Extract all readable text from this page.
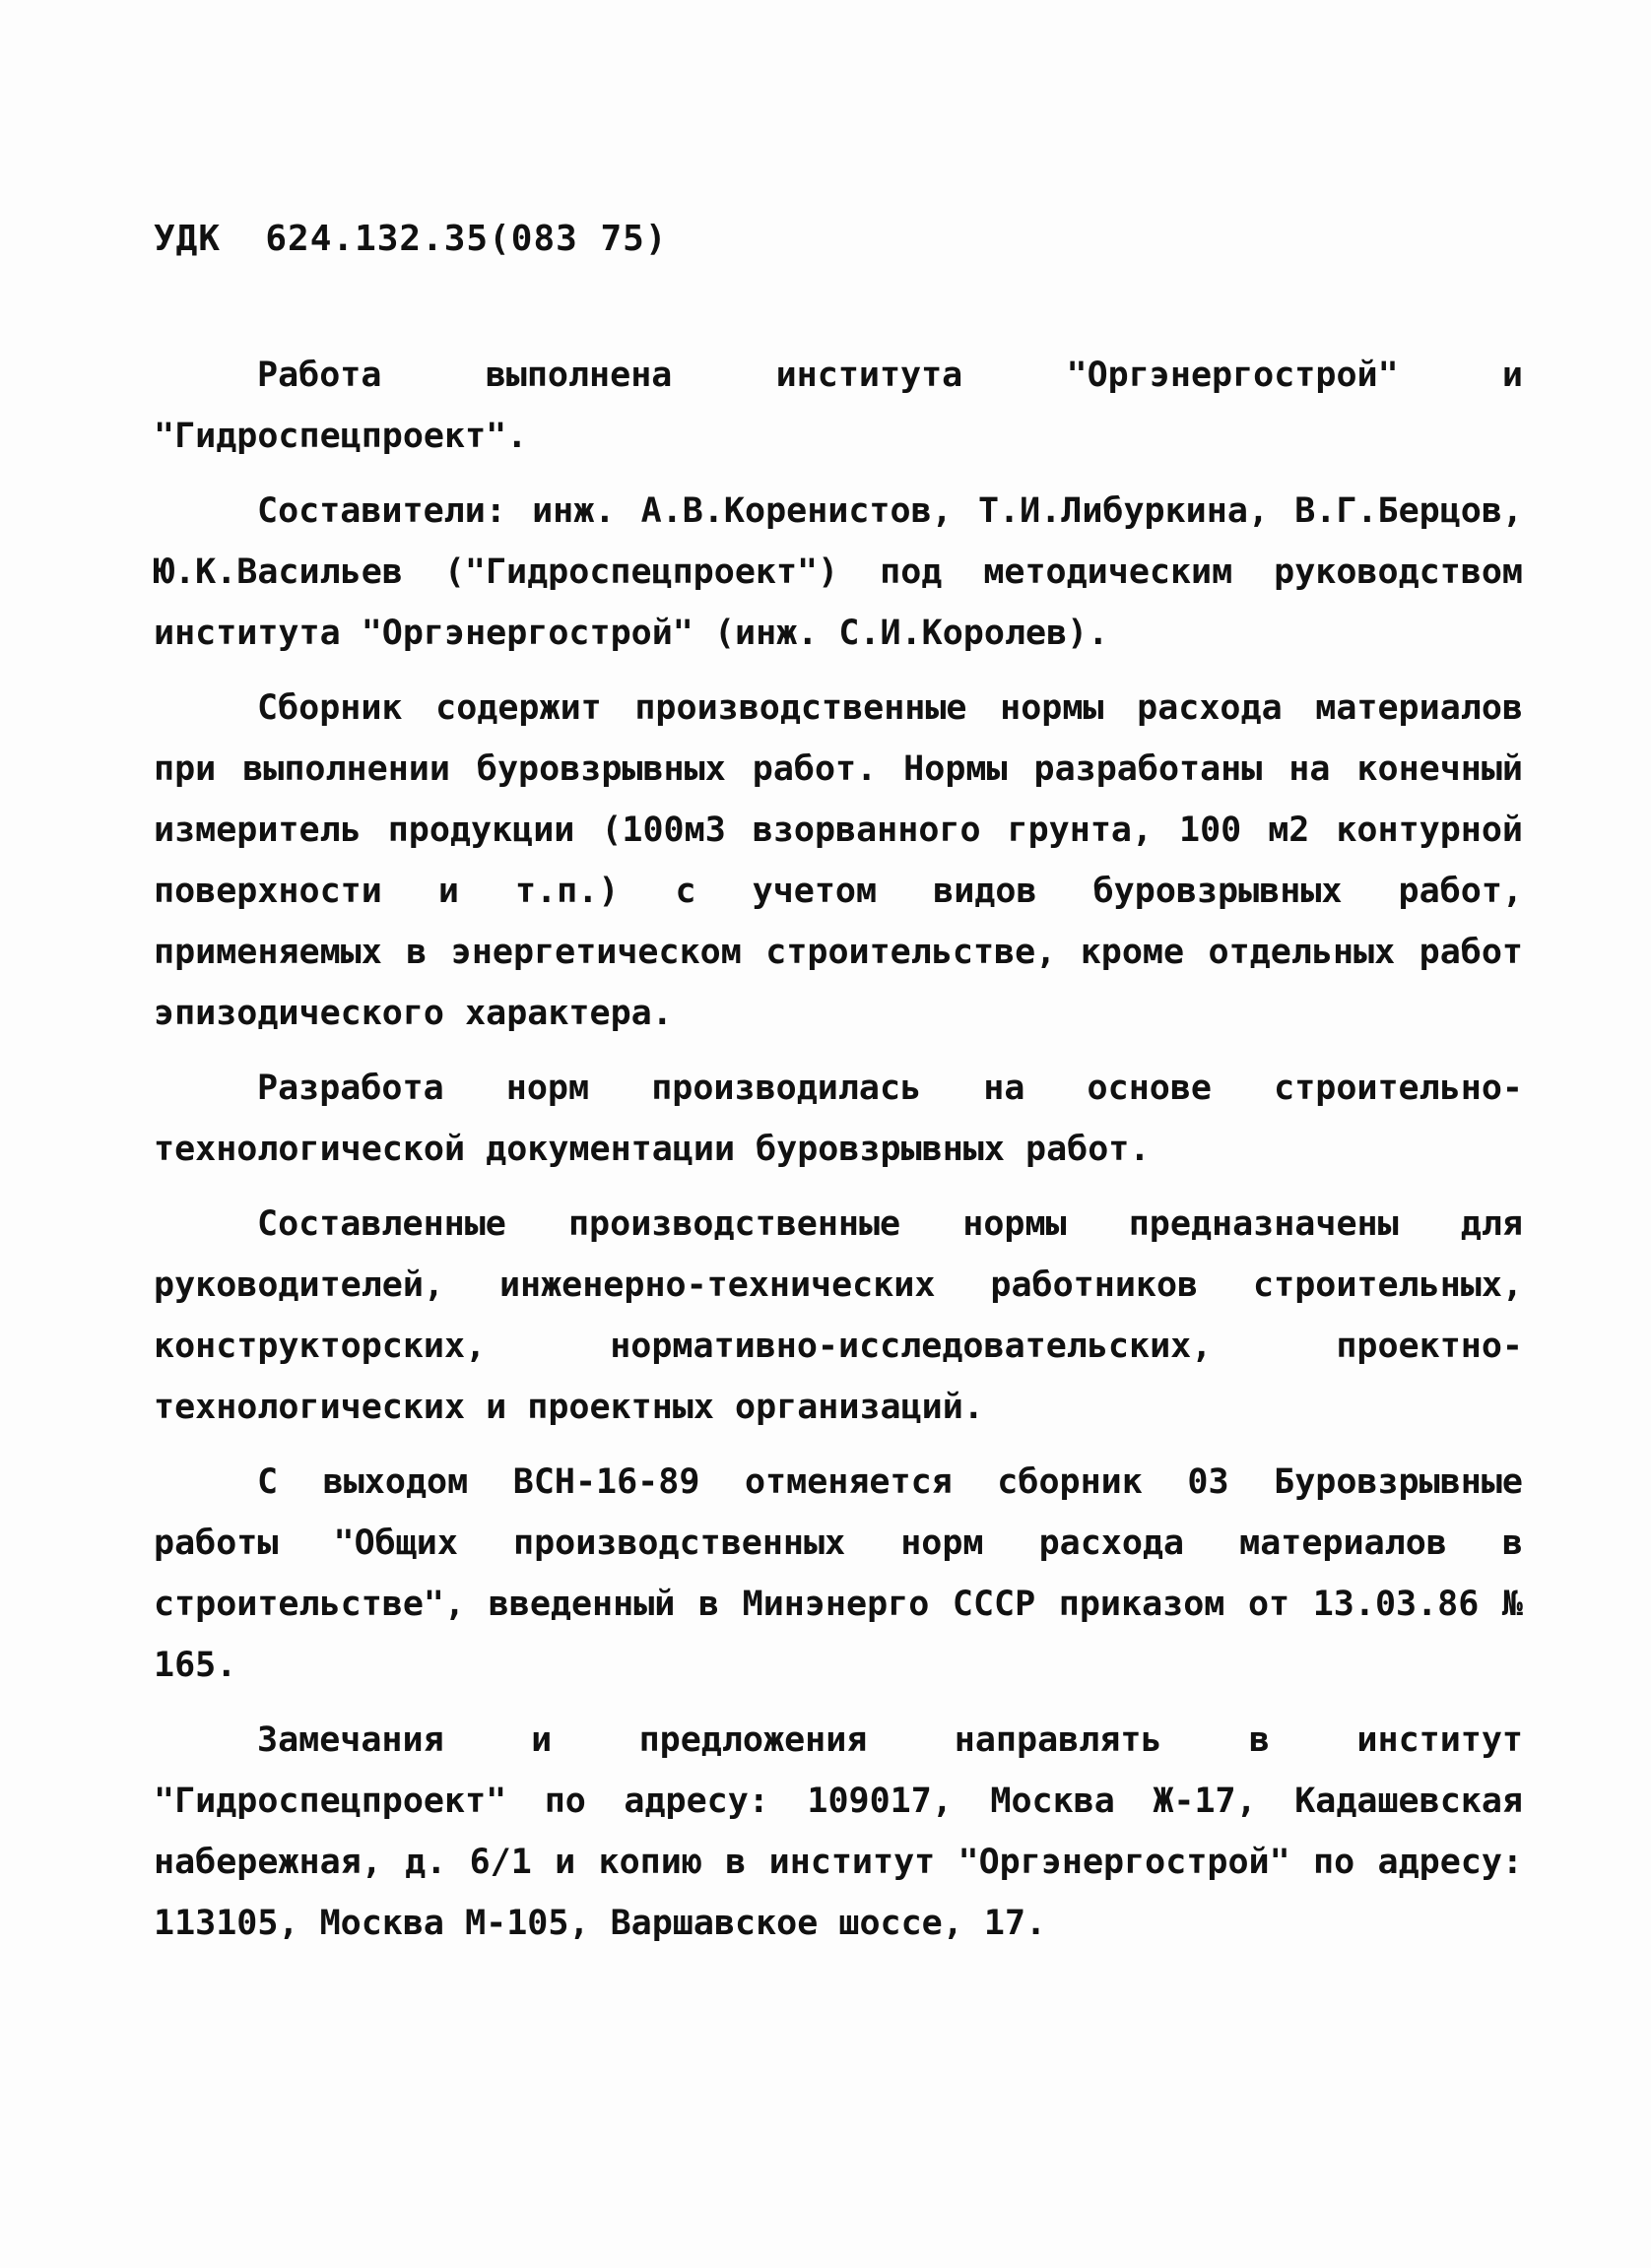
УДК  624.132.35(083 75)

Работа выполнена института "Оргэнергострой" и "Гидроспецпроект".

Составители: инж. А.В.Коренистов, Т.И.Либуркина, В.Г.Берцов, Ю.К.Васильев ("Гидроспецпроект") под методическим руководством института "Оргэнергострой" (инж. С.И.Королев).

Сборник содержит производственные нормы расхода материалов при выполнении буровзрывных работ. Нормы разработаны на конечный измеритель продукции (100м3 взорванного грунта, 100 м2 контурной поверхности и т.п.) с учетом видов буровзрывных работ, применяемых в энергетическом строительстве, кроме отдельных работ эпизодического характера.

Разработа норм производилась на основе строительно-технологической документации буровзрывных работ.

Составленные производственные нормы предназначены для руководителей, инженерно-технических работников строительных, конструкторских, нормативно-исследовательских, проектно-технологических и проектных организаций.

С выходом ВСН-16-89 отменяется сборник 03 Буровзрывные работы "Общих производственных норм расхода материалов в строительстве", введенный в Минэнерго СССР приказом от 13.03.86 № 165.

Замечания и предложения направлять в институт "Гидроспецпроект" по адресу: 109017, Москва Ж-17, Кадашевская набережная, д. 6/1 и копию в институт "Оргэнергострой" по адресу: 113105, Москва М-105, Варшавское шоссе, 17.
